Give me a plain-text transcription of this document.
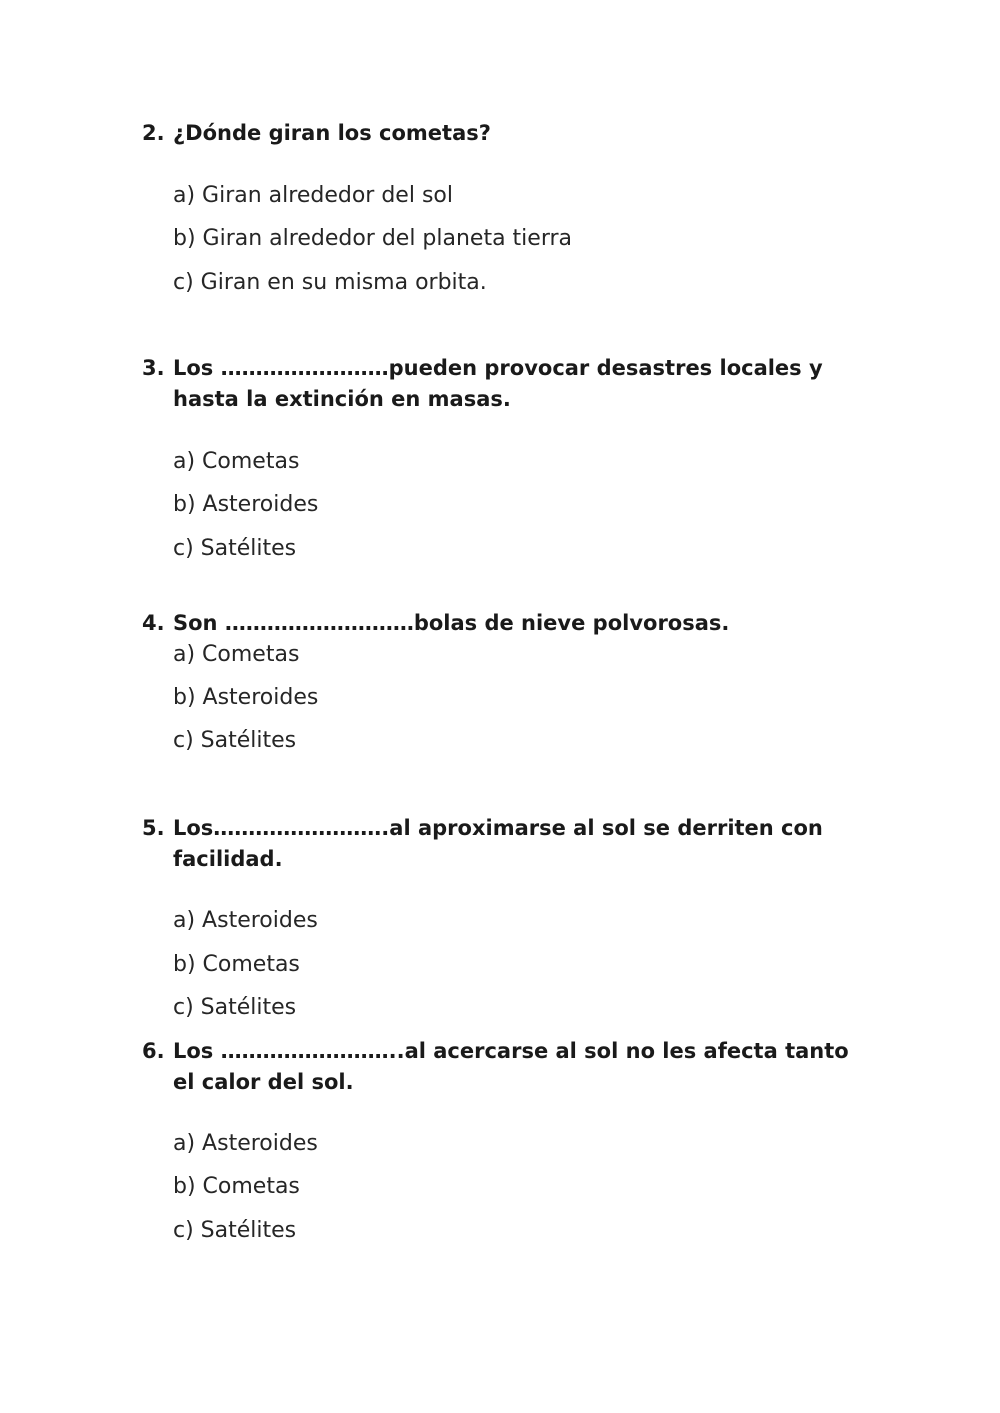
2. ¿Dónde giran los cometas?
a) Giran alrededor del sol
b) Giran alrededor del planeta tierra
c) Giran en su misma orbita.
3. Los ……………………pueden provocar desastres locales y hasta la extinción en masas.
a) Cometas
b) Asteroides
c) Satélites
4. Son ………………………bolas de nieve polvorosas.
a) Cometas
b) Asteroides
c) Satélites
5. Los…………………….al aproximarse al sol se derriten con facilidad.
a) Asteroides
b) Cometas
c) Satélites
6. Los ……………………..al acercarse al sol no les afecta tanto el calor del sol.
a) Asteroides
b) Cometas
c) Satélites
